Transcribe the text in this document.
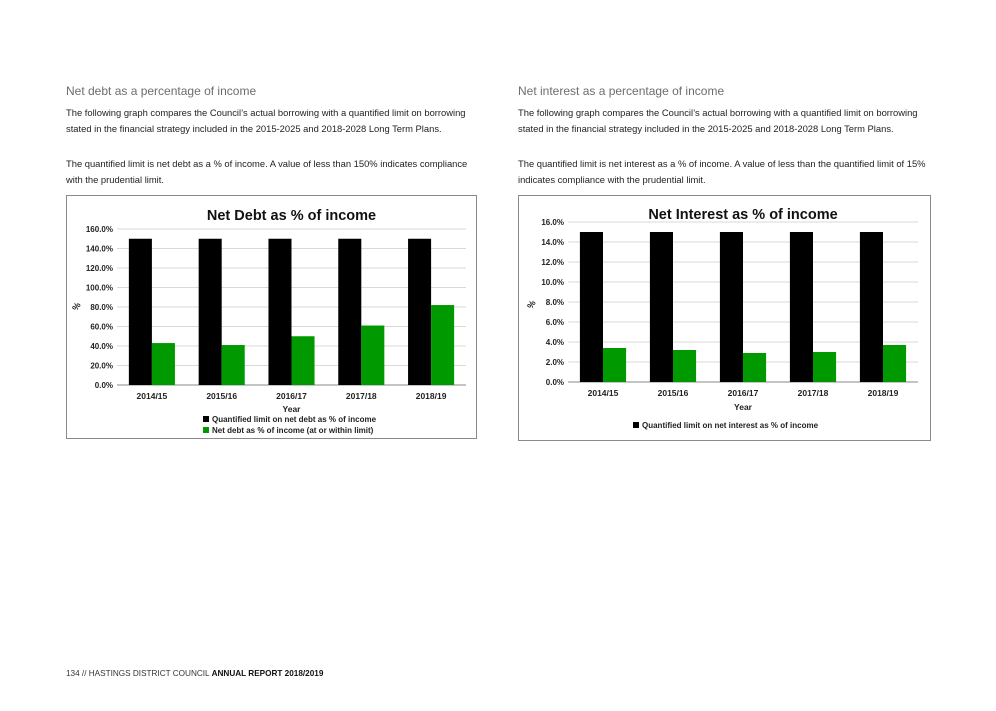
Net debt as a percentage of income

The following graph compares the Council’s actual borrowing with a quantified limit on borrowing stated in the financial strategy included in the 2015-2025 and 2018-2028 Long Term Plans.

The quantified limit is net debt as a % of income. A value of less than 150% indicates compliance with the prudential limit.

0.0%
20.0%
40.0%
60.0%
80.0%
100.0%
120.0%
140.0%
160.0%
2014/15	2015/16	2016/17	2017/18	2018/19
Net Debt as % of income
Year
%
Quantified limit on net debt as % of income
Net debt as % of income (at or within limit)
Net interest as a percentage of income

The following graph compares the Council’s actual borrowing with a quantified limit on borrowing stated in the financial strategy included in the 2015-2025 and 2018-2028 Long Term Plans.

The quantified limit is net interest as a % of income. A value of less than the quantified limit of 15% indicates compliance with the prudential limit.

0.0%
2.0%
4.0%
6.0%
8.0%
10.0%
12.0%
14.0%
16.0%
2014/15	2015/16	2016/17	2017/18	2018/19
Net Interest as % of income
Year
%
Quantified limit on net interest as % of income
134 // HASTINGS DISTRICT COUNCIL ANNUAL REPORT 2018/2019
